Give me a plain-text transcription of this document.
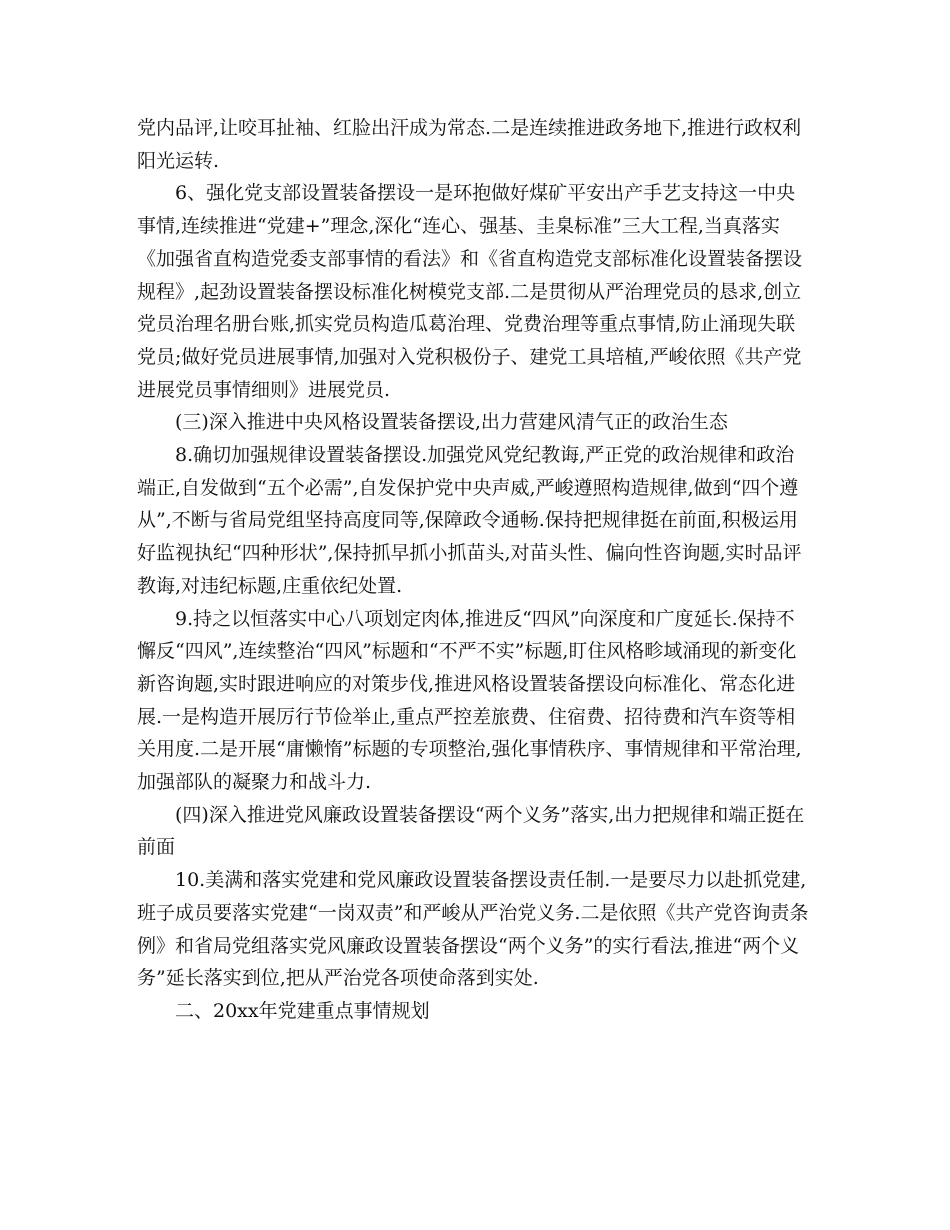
党内品评,让咬耳扯袖、红脸出汗成为常态.二是连续推进政务地下,推进行政权利阳光运转.

6、强化党支部设置装备摆设一是环抱做好煤矿平安出产手艺支持这一中央事情,连续推进“党建+”理念,深化“连心、强基、圭臬标准”三大工程,当真落实《加强省直构造党委支部事情的看法》和《省直构造党支部标准化设置装备摆设规程》,起劲设置装备摆设标准化树模党支部.二是贯彻从严治理党员的恳求,创立党员治理名册台账,抓实党员构造瓜葛治理、党费治理等重点事情,防止涌现失联党员;做好党员进展事情,加强对入党积极份子、建党工具培植,严峻依照《共产党进展党员事情细则》进展党员.

(三)深入推进中央风格设置装备摆设,出力营建风清气正的政治生态

8.确切加强规律设置装备摆设.加强党风党纪教诲,严正党的政治规律和政治端正,自发做到“五个必需”,自发保护党中央声威,严峻遵照构造规律,做到“四个遵从”,不断与省局党组坚持高度同等,保障政令通畅.保持把规律挺在前面,积极运用好监视执纪“四种形状”,保持抓早抓小抓苗头,对苗头性、偏向性咨询题,实时品评教诲,对违纪标题,庄重依纪处置.

9.持之以恒落实中心八项划定肉体,推进反“四风”向深度和广度延长.保持不懈反“四风”,连续整治“四风”标题和“不严不实”标题,盯住风格畛域涌现的新变化新咨询题,实时跟进响应的对策步伐,推进风格设置装备摆设向标准化、常态化进展.一是构造开展厉行节俭举止,重点严控差旅费、住宿费、招待费和汽车资等相关用度.二是开展“庸懒惰”标题的专项整治,强化事情秩序、事情规律和平常治理,加强部队的凝聚力和战斗力.

(四)深入推进党风廉政设置装备摆设“两个义务”落实,出力把规律和端正挺在前面

10.美满和落实党建和党风廉政设置装备摆设责任制.一是要尽力以赴抓党建,班子成员要落实党建“一岗双责”和严峻从严治党义务.二是依照《共产党咨询责条例》和省局党组落实党风廉政设置装备摆设“两个义务”的实行看法,推进“两个义务”延长落实到位,把从严治党各项使命落到实处.

二、20xx年党建重点事情规划
